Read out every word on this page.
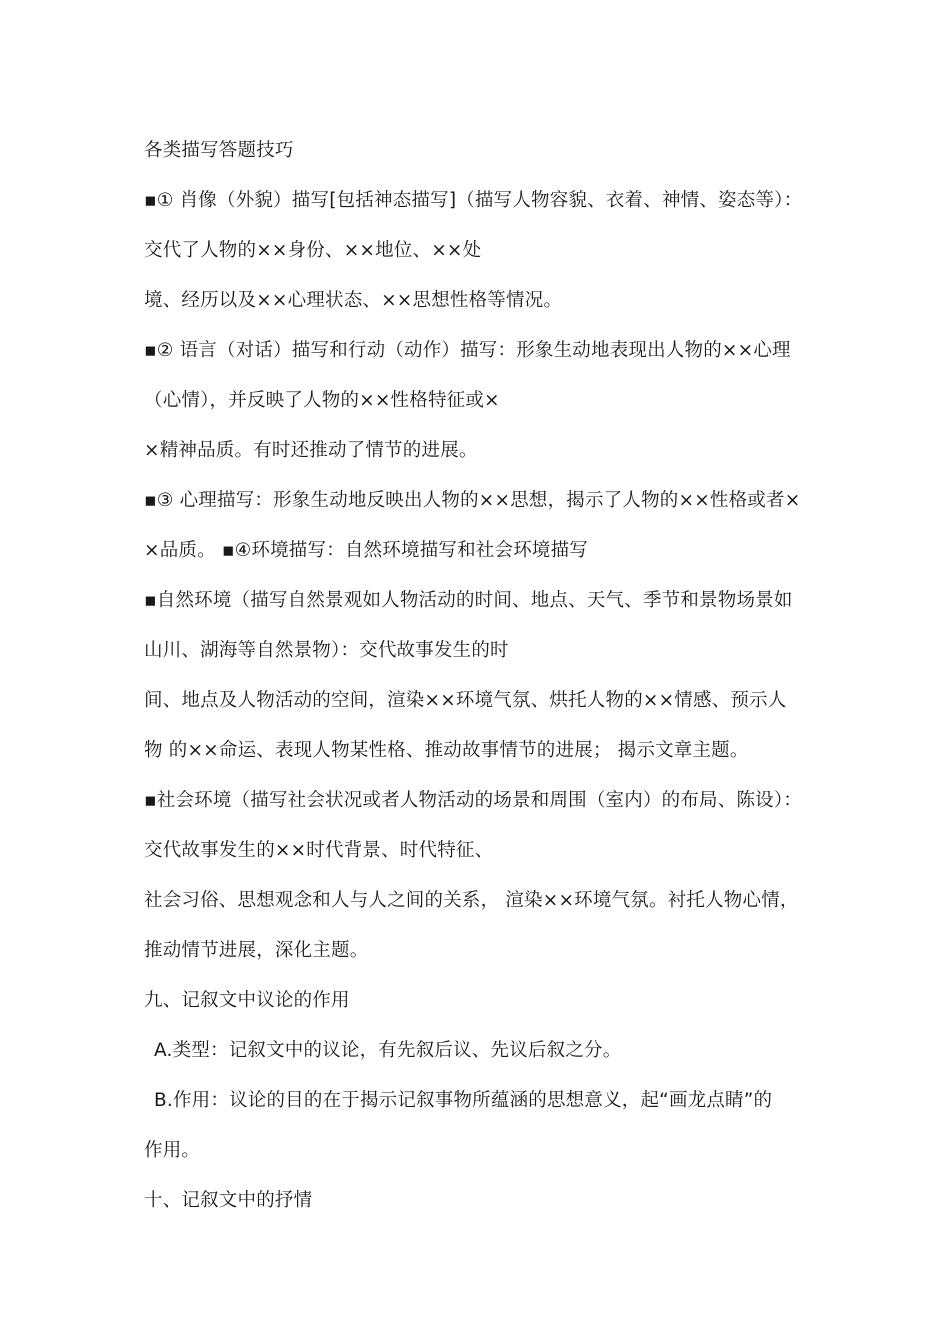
各类描写答题技巧
▪① 肖像（外貌）描写[包括神态描写]（描写人物容貌、衣着、神情、姿态等）：
交代了人物的××身份、××地位、××处
境、经历以及××心理状态、××思想性格等情况。
▪② 语言（对话）描写和行动（动作）描写：形象生动地表现出人物的××心理
（心情），并反映了人物的××性格特征或×
×精神品质。有时还推动了情节的进展。
▪③ 心理描写：形象生动地反映出人物的××思想，揭示了人物的××性格或者×
×品质。 ▪④环境描写：自然环境描写和社会环境描写
▪自然环境（描写自然景观如人物活动的时间、地点、天气、季节和景物场景如
山川、湖海等自然景物）：交代故事发生的时
间、地点及人物活动的空间，渲染××环境气氛、烘托人物的××情感、预示人
物 的××命运、表现人物某性格、推动故事情节的进展； 揭示文章主题。
▪社会环境（描写社会状况或者人物活动的场景和周围（室内）的布局、陈设）：
交代故事发生的××时代背景、时代特征、
社会习俗、思想观念和人与人之间的关系， 渲染××环境气氛。衬托人物心情，
推动情节进展，深化主题。
九、记叙文中议论的作用
A.类型：记叙文中的议论，有先叙后议、先议后叙之分。
B.作用：议论的目的在于揭示记叙事物所蕴涵的思想意义，起“画龙点睛”的
作用。
十、记叙文中的抒情
